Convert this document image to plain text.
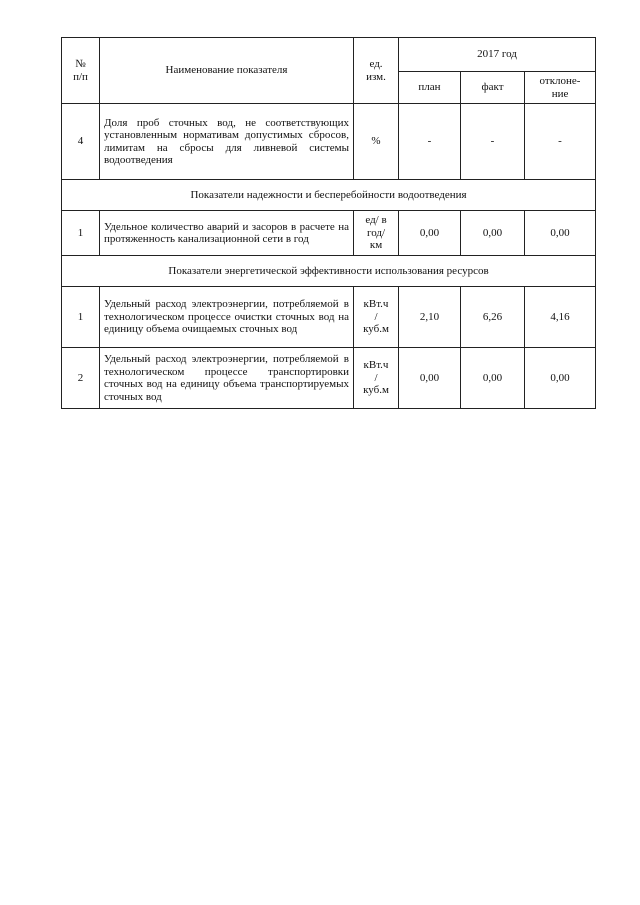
№
п/п	Наименование показателя	ед.
изм.	2017 год		
			план	факт	отклоне-
ние
4	Доля проб сточных вод, не соответствующих установленным нормативам допустимых сбросов, лимитам на сбросы для ливневой системы водоотведения	%	-	-	-
Показатели надежности и бесперебойности водоотведения					
1	Удельное количество аварий и засоров в расчете на протяженность канализационной сети в год	ед/ в
год/
км	0,00	0,00	0,00
Показатели энергетической эффективности использования ресурсов					
1	Удельный расход электроэнергии, потребляемой в технологическом процессе очистки сточных вод на единицу объема очищаемых сточных вод	кВт.ч
/
куб.м	2,10	6,26	4,16
2	Удельный расход электроэнергии, потребляемой в технологическом процессе транспортировки сточных вод на единицу объема транспортируемых сточных вод	кВт.ч
/
куб.м	0,00	0,00	0,00
